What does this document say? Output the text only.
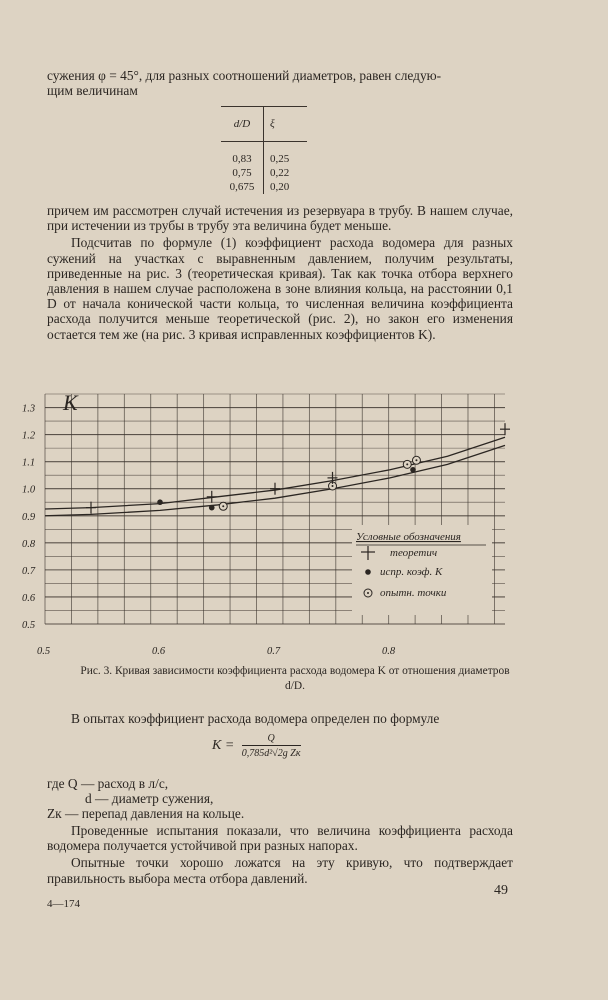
сужения φ = 45°, для разных соотношений диаметров, равен следую-

щим величинам

d/D	ξ
0,83	0,25
0,75	0,22
0,675	0,20

причем им рассмотрен случай истечения из резервуара в трубу. В нашем случае, при истечении из трубы в трубу эта величина будет меньше.

Подсчитав по формуле (1) коэффициент расхода водомера для разных сужений на участках с выравненным давлением, получим результаты, приведенные на рис. 3 (теоретическая кривая). Так как точка отбора верхнего давления в нашем случае расположена в зоне влияния кольца, на расстоянии 0,1 D от начала конической части кольца, то численная величина коэффициента расхода получится меньше теоретической (рис. 2), но закон его изменения остается тем же (на рис. 3 кривая исправленных коэффициентов K).

1.3
1.2
1.1
1.0
0.9
0.8
0.7
0.6
0.5
0.5	0.6	0.7	0.8
K
Условные обозначения
теоретич
испр. коэф. K
опытн. точки
Рис. 3. Кривая зависимости коэффициента расхода водомера K от отношения диаметров d/D.

В опытах коэффициент расхода водомера определен по формуле

$K = \frac{Q}{\text{0,785d²√2g Zк}}$
где Q — расход в л/с,
d — диаметр сужения,
Zк — перепад давления на кольце.

Проведенные испытания показали, что величина коэффициента расхода водомера получается устойчивой при разных напорах.

Опытные точки хорошо ложатся на эту кривую, что подтверждает правильность выбора места отбора давлений.

49
4—174
